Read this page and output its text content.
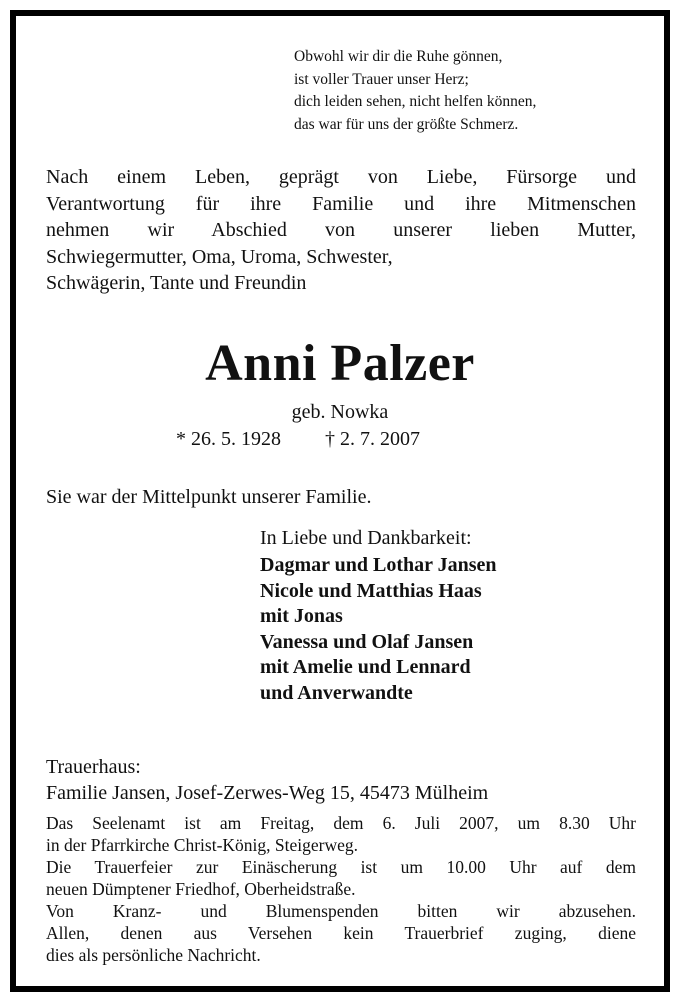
Obwohl wir dir die Ruhe gönnen,
ist voller Trauer unser Herz;
dich leiden sehen, nicht helfen können,
das war für uns der größte Schmerz.
Nach einem Leben, geprägt von Liebe, Fürsorge und
Verantwortung für ihre Familie und ihre Mitmenschen
nehmen wir Abschied von unserer lieben Mutter,
Schwiegermutter, Oma, Uroma, Schwester,
Schwägerin, Tante und Freundin
Anni Palzer
geb. Nowka
* 26. 5. 1928 † 2. 7. 2007
Sie war der Mittelpunkt unserer Familie.
In Liebe und Dankbarkeit:
Dagmar und Lothar Jansen
Nicole und Matthias Haas
mit Jonas
Vanessa und Olaf Jansen
mit Amelie und Lennard
und Anverwandte
Trauerhaus:
Familie Jansen, Josef-Zerwes-Weg 15, 45473 Mülheim
Das Seelenamt ist am Freitag, dem 6. Juli 2007, um 8.30 Uhr
in der Pfarrkirche Christ-König, Steigerweg.
Die Trauerfeier zur Einäscherung ist um 10.00 Uhr auf dem
neuen Dümptener Friedhof, Oberheidstraße.
Von Kranz- und Blumenspenden bitten wir abzusehen.
Allen, denen aus Versehen kein Trauerbrief zuging, diene
dies als persönliche Nachricht.
